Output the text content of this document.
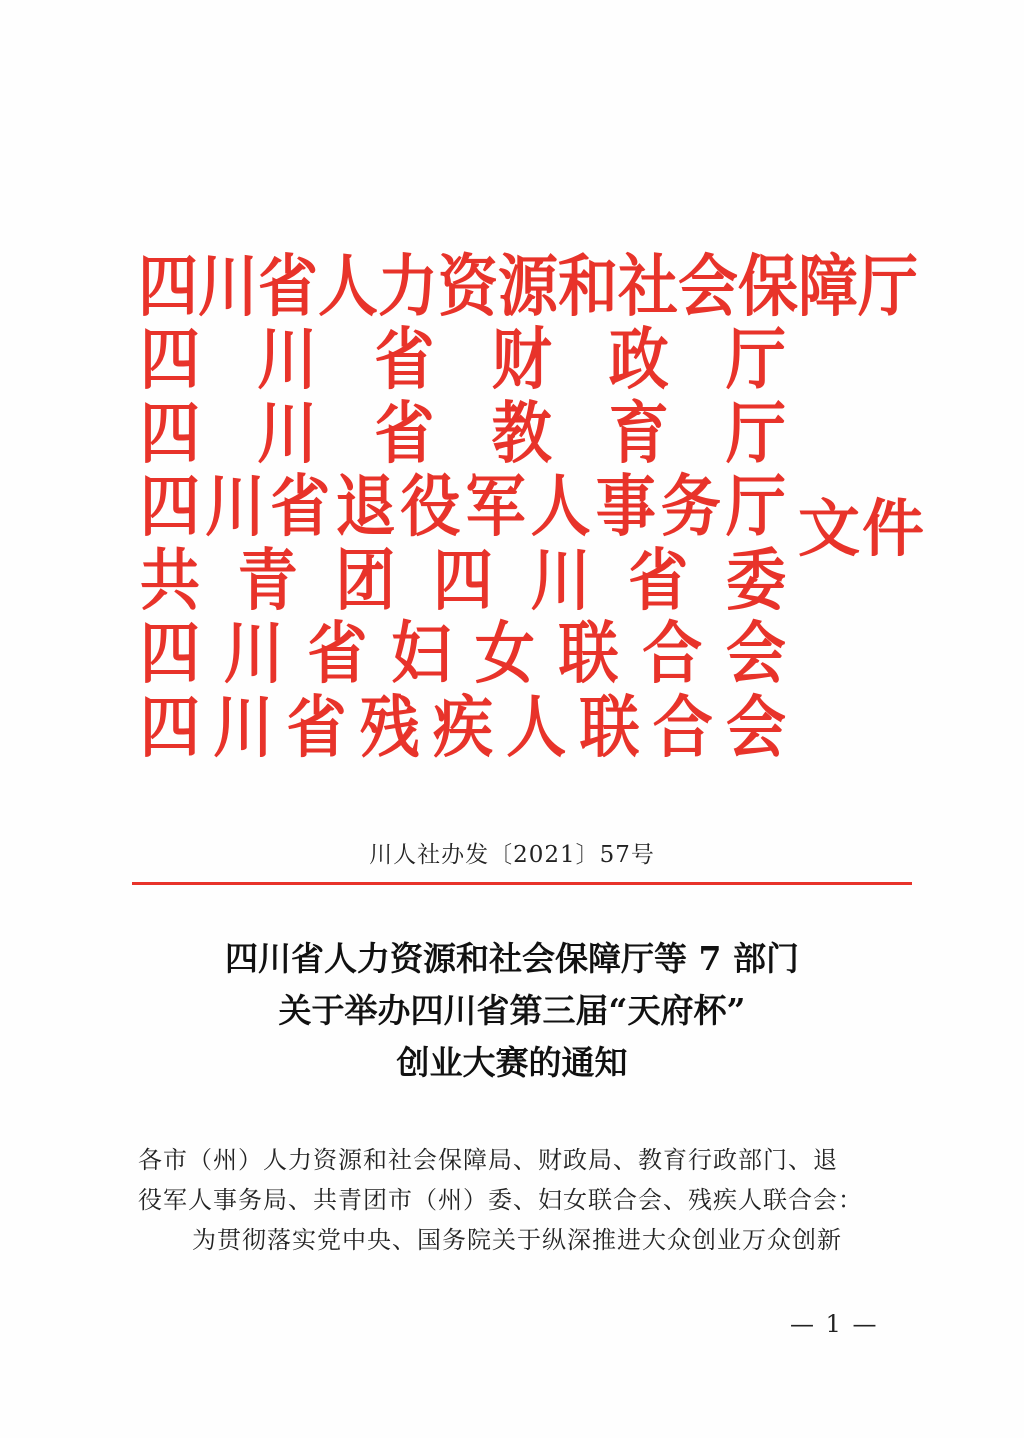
四 川 省 人 力 资 源 和 社 会 保 障 厅
四 川 省 财 政 厅
四 川 省 教 育 厅
四 川 省 退 役 军 人 事 务 厅
共 青 团 四 川 省 委
四 川 省 妇 女 联 合 会
四 川 省 残 疾 人 联 合 会
文件
川人社办发〔2021〕57号
四川省人力资源和社会保障厅等 7 部门
关于举办四川省第三届“天府杯”
创业大赛的通知
各市（州）人力资源和社会保障局、财政局、教育行政部门、退
役军人事务局、共青团市（州）委、妇女联合会、残疾人联合会：
为贯彻落实党中央、国务院关于纵深推进大众创业万众创新
— 1 —
